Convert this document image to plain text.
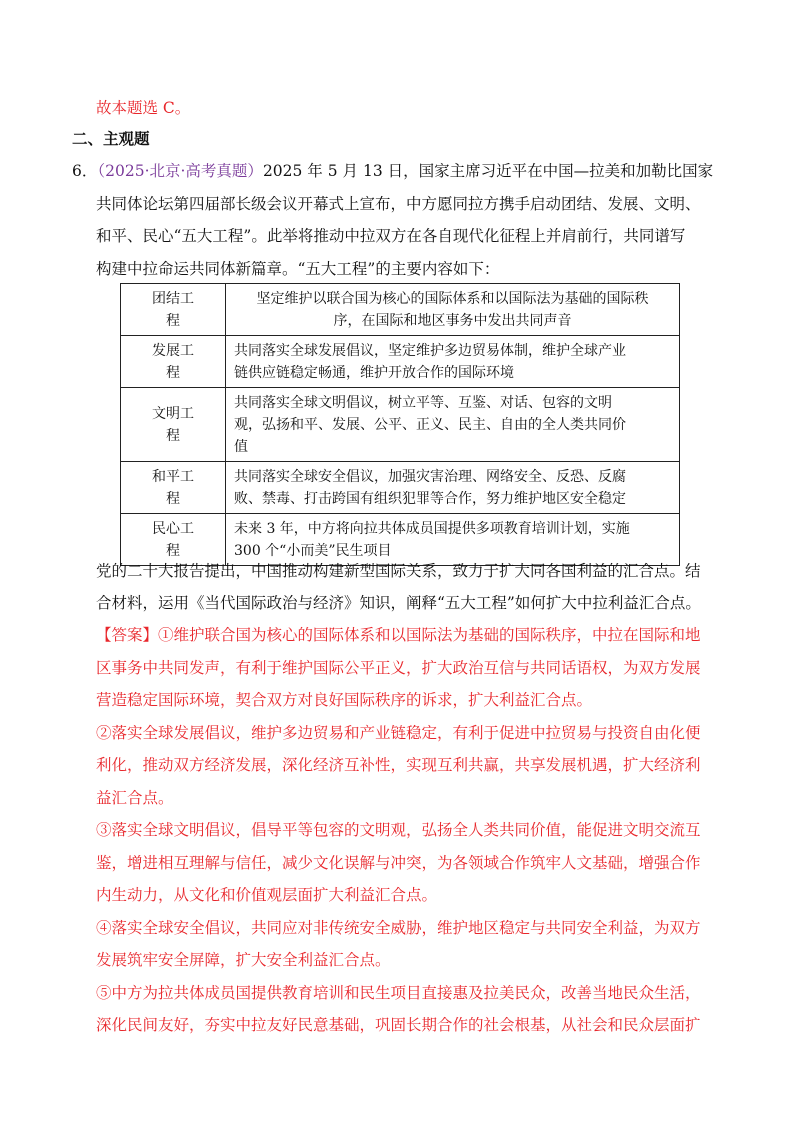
故本题选 C。
二、主观题
6．（2025·北京·高考真题）2025 年 5 月 13 日，国家主席习近平在中国—拉美和加勒比国家
共同体论坛第四届部长级会议开幕式上宣布，中方愿同拉方携手启动团结、发展、文明、
和平、民心“五大工程”。此举将推动中拉双方在各自现代化征程上并肩前行，共同谱写
构建中拉命运共同体新篇章。“五大工程”的主要内容如下：
团结工
程	坚定维护以联合国为核心的国际体系和以国际法为基础的国际秩
序，在国际和地区事务中发出共同声音
发展工
程	共同落实全球发展倡议，坚定维护多边贸易体制，维护全球产业
链供应链稳定畅通，维护开放合作的国际环境
文明工
程	共同落实全球文明倡议，树立平等、互鉴、对话、包容的文明
观，弘扬和平、发展、公平、正义、民主、自由的全人类共同价
值
和平工
程	共同落实全球安全倡议，加强灾害治理、网络安全、反恐、反腐
败、禁毒、打击跨国有组织犯罪等合作，努力维护地区安全稳定
民心工
程	未来 3 年，中方将向拉共体成员国提供多项教育培训计划，实施
300 个“小而美”民生项目
党的二十大报告提出，中国推动构建新型国际关系，致力于扩大同各国利益的汇合点。结
合材料，运用《当代国际政治与经济》知识，阐释“五大工程”如何扩大中拉利益汇合点。
【答案】①维护联合国为核心的国际体系和以国际法为基础的国际秩序，中拉在国际和地
区事务中共同发声，有利于维护国际公平正义，扩大政治互信与共同话语权，为双方发展
营造稳定国际环境，契合双方对良好国际秩序的诉求，扩大利益汇合点。
②落实全球发展倡议，维护多边贸易和产业链稳定，有利于促进中拉贸易与投资自由化便
利化，推动双方经济发展，深化经济互补性，实现互利共赢，共享发展机遇，扩大经济利
益汇合点。
③落实全球文明倡议，倡导平等包容的文明观，弘扬全人类共同价值，能促进文明交流互
鉴，增进相互理解与信任，减少文化误解与冲突，为各领域合作筑牢人文基础，增强合作
内生动力，从文化和价值观层面扩大利益汇合点。
④落实全球安全倡议，共同应对非传统安全威胁，维护地区稳定与共同安全利益，为双方
发展筑牢安全屏障，扩大安全利益汇合点。
⑤中方为拉共体成员国提供教育培训和民生项目直接惠及拉美民众，改善当地民众生活，
深化民间友好，夯实中拉友好民意基础，巩固长期合作的社会根基，从社会和民众层面扩
